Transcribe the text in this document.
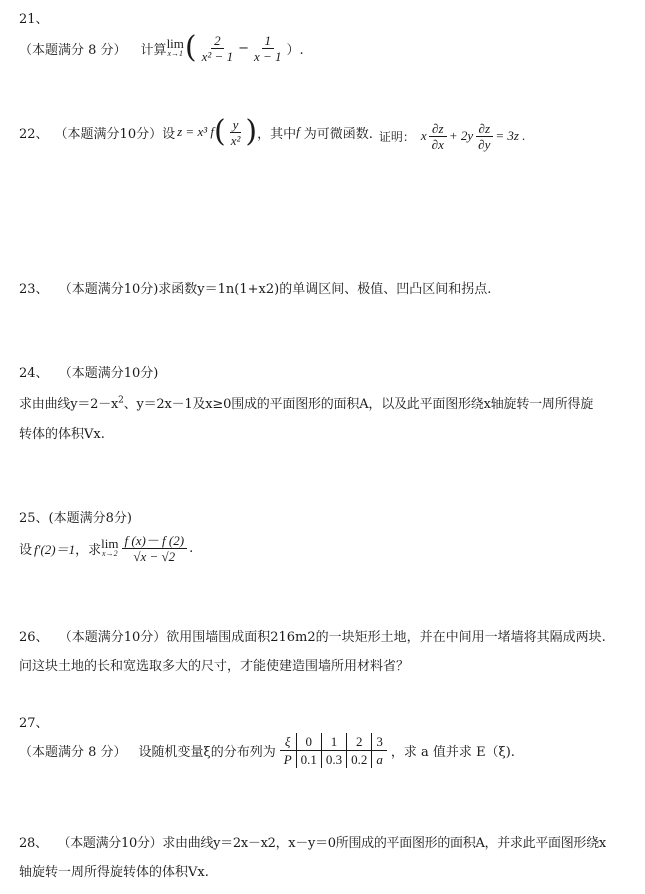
21、
（本题满分 8 分） 计算 lim
x→1 ( $\frac{2}{\text{x² − 1}} - \frac{1}{x - 1}$ ）.
22、 （本题满分10分） 设 z = x³ f ( $\frac{y}{\text{x²}}$ ) ，其中 f 为可微函数. 证明： x $\frac{\partial z}{\partial x} + 2y \frac{\partial z}{\partial y} = 3z$ .
23、 （本题满分10分)求函数y＝1n(1+x2)的单调区间、极值、凹凸区间和拐点.
24、 （本题满分10分)
求由曲线$y=2-x^2$、y＝2x－1及x≥0围成的平面图形的面积A，以及此平面图形绕x轴旋转一周所得旋
转体的体积Vx.
25、(本题满分8分)
设 f′(2)＝1 ，求 lim
$x\to 2 \frac{f (x)- f (2)}{√x - √2}$ .
26、 （本题满分10分）欲用围墙围成面积216m2的一块矩形土地，并在中间用一堵墙将其隔成两块.
问这块土地的长和宽选取多大的尺寸，才能使建造围墙所用材料省？
27、
（本题满分 8 分） 设随机变量ξ的分布列为
ξ	0	1	2	3
P	0.1	0.3	0.2	a ，求 a 值并求 E（ξ).
28、 （本题满分10分）求由曲线y＝2x－x2，x－y＝0所围成的平面图形的面积A，并求此平面图形绕x
轴旋转一周所得旋转体的体积Vx.
